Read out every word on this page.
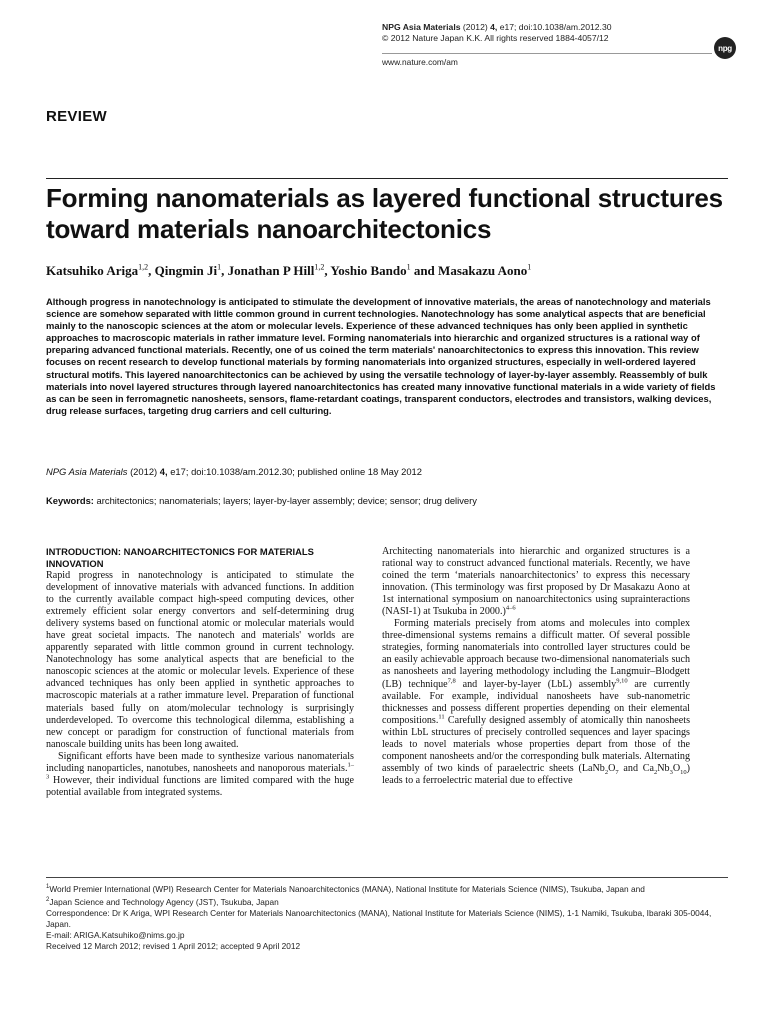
NPG Asia Materials (2012) 4, e17; doi:10.1038/am.2012.30
© 2012 Nature Japan K.K. All rights reserved 1884-4057/12
www.nature.com/am
npg
REVIEW
Forming nanomaterials as layered functional structures toward materials nanoarchitectonics
Katsuhiko Ariga$^{1,2}$, Qingmin Ji$^1$, Jonathan P Hill$^{1,2}$, Yoshio Bando$^1$ and Masakazu Aono$^1$
Although progress in nanotechnology is anticipated to stimulate the development of innovative materials, the areas of nanotechnology and materials science are somehow separated with little common ground in current technologies. Nanotechnology has some analytical aspects that are beneficial mainly to the nanoscopic sciences at the atom or molecular levels. Experience of these advanced techniques has only been applied in synthetic approaches to macroscopic materials in rather immature level. Forming nanomaterials into hierarchic and organized structures is a rational way of preparing advanced functional materials. Recently, one of us coined the term materials' nanoarchitectonics to express this innovation. This review focuses on recent research to develop functional materials by forming nanomaterials into organized structures, especially in well-ordered layered structural motifs. This layered nanoarchitectonics can be achieved by using the versatile technology of layer-by-layer assembly. Reassembly of bulk materials into novel layered structures through layered nanoarchitectonics has created many innovative functional materials in a wide variety of fields as can be seen in ferromagnetic nanosheets, sensors, flame-retardant coatings, transparent conductors, electrodes and transistors, walking devices, drug release surfaces, targeting drug carriers and cell culturing.
NPG Asia Materials (2012) 4, e17; doi:10.1038/am.2012.30; published online 18 May 2012
Keywords: architectonics; nanomaterials; layers; layer-by-layer assembly; device; sensor; drug delivery

INTRODUCTION: NANOARCHITECTONICS FOR MATERIALS INNOVATION

Rapid progress in nanotechnology is anticipated to stimulate the development of innovative materials with advanced functions. In addition to the currently available compact high-speed computing devices, other extremely efficient solar energy convertors and self-determining drug delivery systems based on functional atomic or molecular materials would have great societal impacts. The nanotech and materials' worlds are apparently separated with little common ground in current technology. Nanotechnology has some analytical aspects that are beneficial to the nanoscopic sciences at the atomic or molecular levels. Experience of these advanced techniques has only been applied in synthetic approaches to macroscopic materials at a rather immature level. Preparation of functional materials based fully on atom/molecular technology is surprisingly underdeveloped. To overcome this technological dilemma, establishing a new concept or paradigm for construction of functional materials from nanoscale building units has been long awaited.

Significant efforts have been made to synthesize various nanomaterials including nanoparticles, nanotubes, nanosheets and nanoporous materials.$^{1-3}$ However, their individual functions are limited compared with the huge potential available from integrated systems.

Architecting nanomaterials into hierarchic and organized structures is a rational way to construct advanced functional materials. Recently, we have coined the term ‘materials nanoarchitectonics’ to express this necessary innovation. (This terminology was first proposed by Dr Masakazu Aono at 1st international symposium on nanoarchitectonics using suprainteractions (NASI-1) at Tsukuba in 2000.)$^{4-6}$

Forming materials precisely from atoms and molecules into complex three-dimensional systems remains a difficult matter. Of several possible strategies, forming nanomaterials into controlled layer structures could be an easily achievable approach because two-dimensional nanomaterials such as nanosheets and layering methodology including the Langmuir–Blodgett (LB) technique$^{7,8}$ and layer-by-layer (LbL) assembly$^{9,10}$ are currently available. For example, individual nanosheets have sub-nanometric thicknesses and possess different properties depending on their elemental compositions.$^{11}$ Carefully designed assembly of atomically thin nanosheets within LbL structures of precisely controlled sequences and layer spacings leads to novel materials whose properties depart from those of the component nanosheets and/or the corresponding bulk materials. Alternating assembly of two kinds of paraelectric sheets ($LaNb_2O_7$ and $Ca_2Nb_3O_{10}$) leads to a ferroelectric material due to effective

$^1$World Premier International (WPI) Research Center for Materials Nanoarchitectonics (MANA), National Institute for Materials Science (NIMS), Tsukuba, Japan and
$^2$Japan Science and Technology Agency (JST), Tsukuba, Japan
Correspondence: Dr K Ariga, WPI Research Center for Materials Nanoarchitectonics (MANA), National Institute for Materials Science (NIMS), 1-1 Namiki, Tsukuba, Ibaraki 305-0044, Japan.
E-mail: ARIGA.Katsuhiko@nims.go.jp
Received 12 March 2012; revised 1 April 2012; accepted 9 April 2012
